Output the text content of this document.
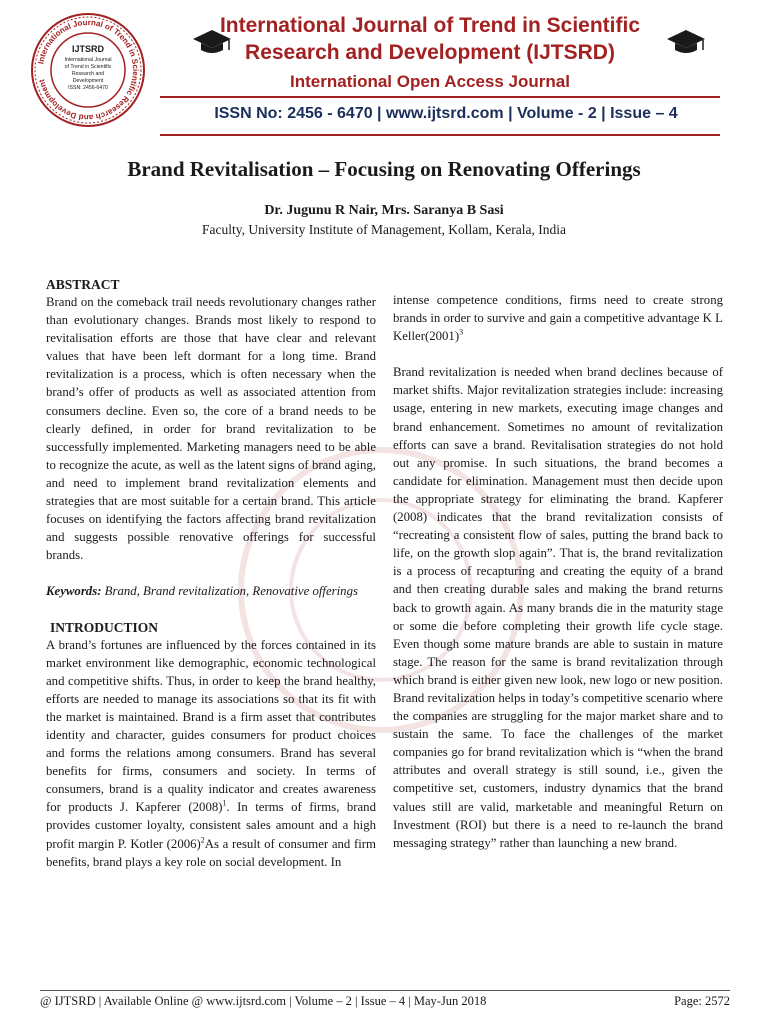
International Journal of Trend in Scientific Research and Development
IJTSRD
International Journal
of Trend in Scientific
Research and
Development
ISSN: 2456-6470
International Journal of Trend in Scientific
Research and Development (IJTSRD)
International Open Access Journal
ISSN No: 2456 - 6470 | www.ijtsrd.com | Volume - 2 | Issue – 4
Brand Revitalisation – Focusing on Renovating Offerings
Dr. Jugunu R Nair, Mrs. Saranya B Sasi
Faculty, University Institute of Management, Kollam, Kerala, India
ABSTRACT

Brand on the comeback trail needs revolutionary changes rather than evolutionary changes. Brands most likely to respond to revitalisation efforts are those that have clear and relevant values that have been left dormant for a long time. Brand revitalization is a process, which is often necessary when the brand’s offer of products as well as associated attention from consumers decline. Even so, the core of a brand needs to be clearly defined, in order for brand revitalization to be successfully implemented. Marketing managers need to be able to recognize the acute, as well as the latent signs of brand aging, and need to implement brand revitalization elements and strategies that are most suitable for a certain brand. This article focuses on identifying the factors affecting brand revitalization and suggests possible renovative offerings for successful brands.

Keywords: Brand, Brand revitalization, Renovative offerings

INTRODUCTION

A brand’s fortunes are influenced by the forces contained in its market environment like demographic, economic technological and competitive shifts. Thus, in order to keep the brand healthy, efforts are needed to manage its associations so that its fit with the market is maintained. Brand is a firm asset that contributes identity and character, guides consumers for product choices and forms the relations among consumers. Brand has several benefits for firms, consumers and society. In terms of consumers, brand is a quality indicator and creates awareness for products J. Kapferer $(2008)^1$. In terms of firms, brand provides customer loyalty, consistent sales amount and a high profit margin P. Kotler $(2006)^2As$ a result of consumer and firm benefits, brand plays a key role on social development. In

intense competence conditions, firms need to create strong brands in order to survive and gain a competitive advantage K L $Keller(2001)^3$

Brand revitalization is needed when brand declines because of market shifts. Major revitalization strategies include: increasing usage, entering in new markets, executing image changes and brand enhancement. Sometimes no amount of revitalization efforts can save a brand. Revitalisation strategies do not hold out any promise. In such situations, the brand becomes a candidate for elimination. Management must then decide upon the appropriate strategy for eliminating the brand. Kapferer (2008) indicates that the brand revitalization consists of “recreating a consistent flow of sales, putting the brand back to life, on the growth slop again”. That is, the brand revitalization is a process of recapturing and creating the equity of a brand and then creating durable sales and making the brand returns back to growth again. As many brands die in the maturity stage or some die before completing their growth life cycle stage. Even though some mature brands are able to sustain in mature stage. The reason for the same is brand revitalization through which brand is either given new look, new logo or new position. Brand revitalization helps in today’s competitive scenario where the companies are struggling for the major market share and to sustain the same. To face the challenges of the market companies go for brand revitalization which is “when the brand attributes and overall strategy is still sound, i.e., given the competitive set, customers, industry dynamics that the brand values still are valid, marketable and meaningful Return on Investment (ROI) but there is a need to re-launch the brand messaging strategy” rather than launching a new brand.

@ IJTSRD | Available Online @ www.ijtsrd.com | Volume – 2 | Issue – 4 | May-Jun 2018	Page: 2572
